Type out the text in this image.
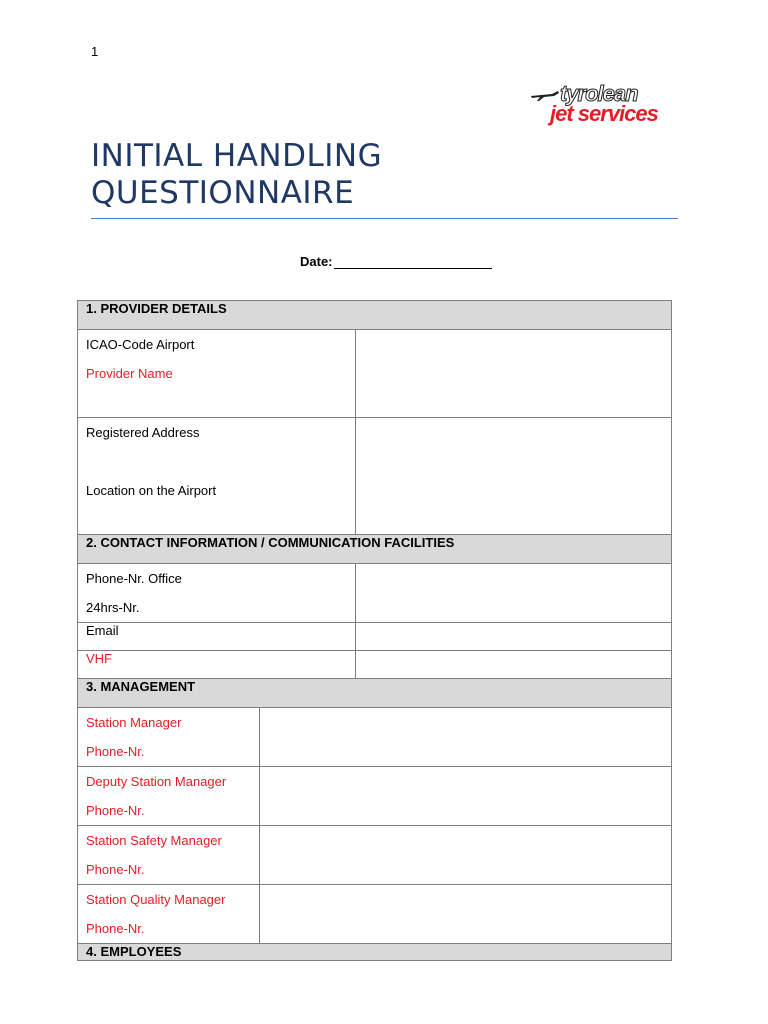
1
tyrolean
jet services
INITIAL HANDLING
QUESTIONNAIRE
Date:
1. PROVIDER DETAILS		

ICAO-Code Airport
Provider Name		

Registered Address
Location on the Airport		

2. CONTACT INFORMATION / COMMUNICATION FACILITIES		

Phone-Nr. Office
24hrs-Nr.		

Email		

VHF		

3. MANAGEMENT		

Station Manager
Phone-Nr.		

Deputy Station Manager
Phone-Nr.		

Station Safety Manager
Phone-Nr.		

Station Quality Manager
Phone-Nr.		

4. EMPLOYEES		
